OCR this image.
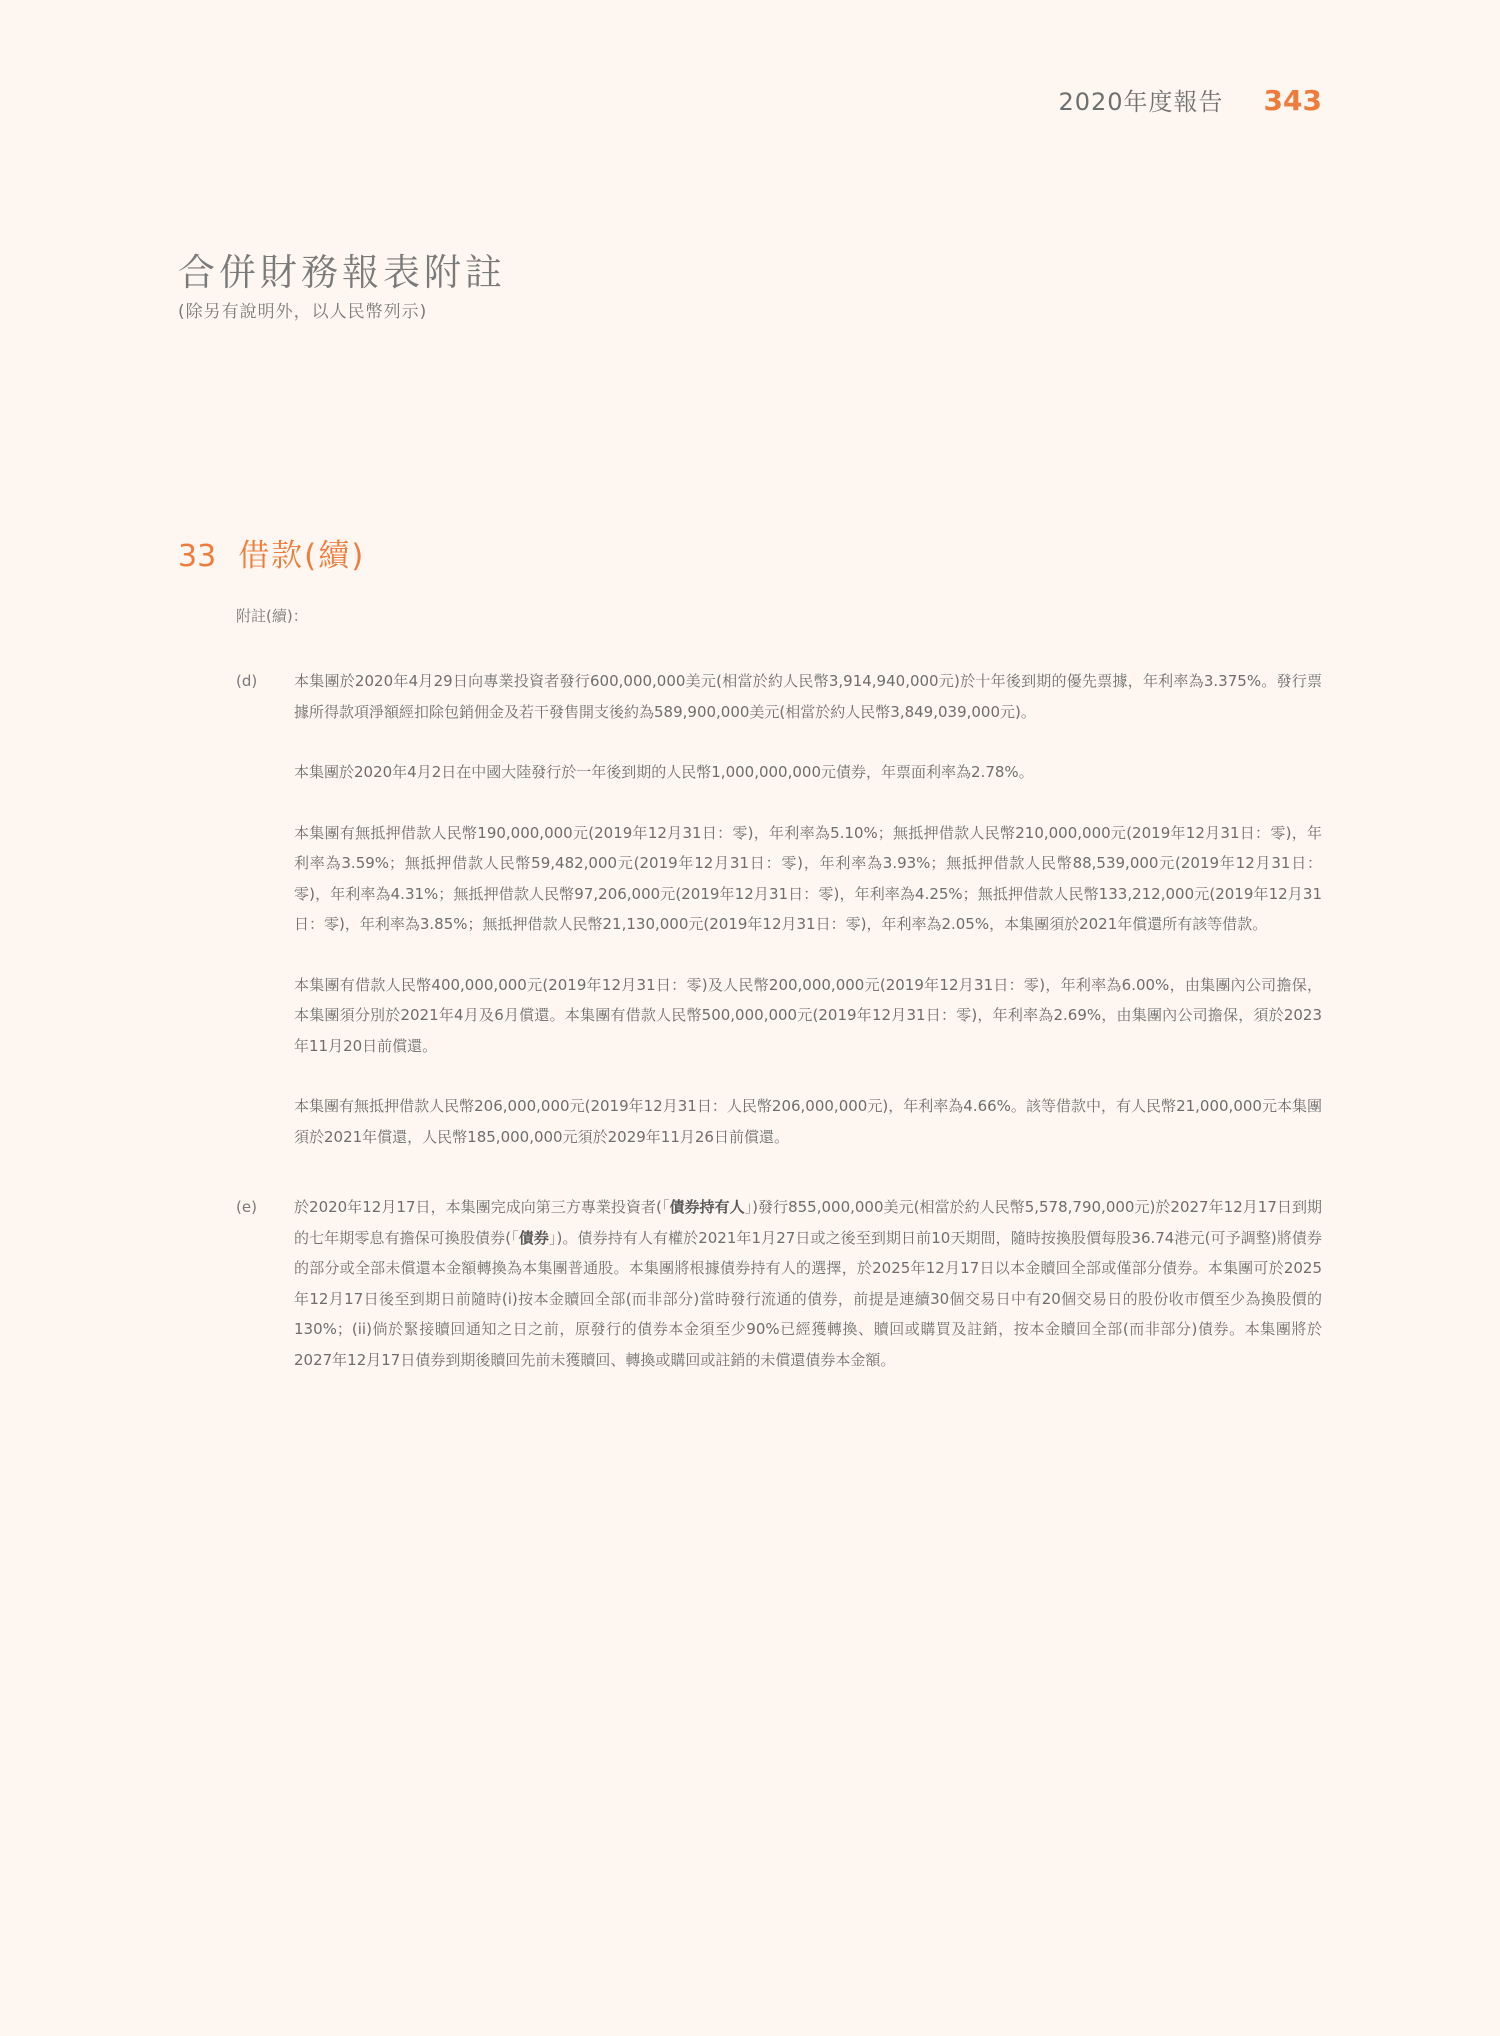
2020年度報告 343
合併財務報表附註
(除另有說明外，以人民幣列示)
33 借款(續)

附註(續)：

(d)	本集團於2020年4月29日向專業投資者發行600,000,000美元(相當於約人民幣3,914,940,000元)於十年後到期的優先票據，年利率為3.375%。發行票據所得款項淨額經扣除包銷佣金及若干發售開支後約為589,900,000美元(相當於約人民幣3,849,039,000元)。

本集團於2020年4月2日在中國大陸發行於一年後到期的人民幣1,000,000,000元債券，年票面利率為2.78%。

本集團有無抵押借款人民幣190,000,000元(2019年12月31日：零)，年利率為5.10%；無抵押借款人民幣210,000,000元(2019年12月31日：零)，年利率為3.59%；無抵押借款人民幣59,482,000元(2019年12月31日：零)，年利率為3.93%；無抵押借款人民幣88,539,000元(2019年12月31日：零)，年利率為4.31%；無抵押借款人民幣97,206,000元(2019年12月31日：零)，年利率為4.25%；無抵押借款人民幣133,212,000元(2019年12月31日：零)，年利率為3.85%；無抵押借款人民幣21,130,000元(2019年12月31日：零)，年利率為2.05%，本集團須於2021年償還所有該等借款。

本集團有借款人民幣400,000,000元(2019年12月31日：零)及人民幣200,000,000元(2019年12月31日：零)，年利率為6.00%，由集團內公司擔保，本集團須分別於2021年4月及6月償還。本集團有借款人民幣500,000,000元(2019年12月31日：零)，年利率為2.69%，由集團內公司擔保，須於2023年11月20日前償還。

本集團有無抵押借款人民幣206,000,000元(2019年12月31日：人民幣206,000,000元)，年利率為4.66%。該等借款中，有人民幣21,000,000元本集團須於2021年償還，人民幣185,000,000元須於2029年11月26日前償還。

(e)	於2020年12月17日，本集團完成向第三方專業投資者(「債券持有人」)發行855,000,000美元(相當於約人民幣5,578,790,000元)於2027年12月17日到期的七年期零息有擔保可換股債券(「債券」)。債券持有人有權於2021年1月27日或之後至到期日前10天期間，隨時按換股價每股36.74港元(可予調整)將債券的部分或全部未償還本金額轉換為本集團普通股。本集團將根據債券持有人的選擇，於2025年12月17日以本金贖回全部或僅部分債券。本集團可於2025年12月17日後至到期日前隨時(i)按本金贖回全部(而非部分)當時發行流通的債券，前提是連續30個交易日中有20個交易日的股份收市價至少為換股價的130%；(ii)倘於緊接贖回通知之日之前，原發行的債券本金須至少90%已經獲轉換、贖回或購買及註銷，按本金贖回全部(而非部分)債券。本集團將於2027年12月17日債券到期後贖回先前未獲贖回、轉換或購回或註銷的未償還債券本金額。
